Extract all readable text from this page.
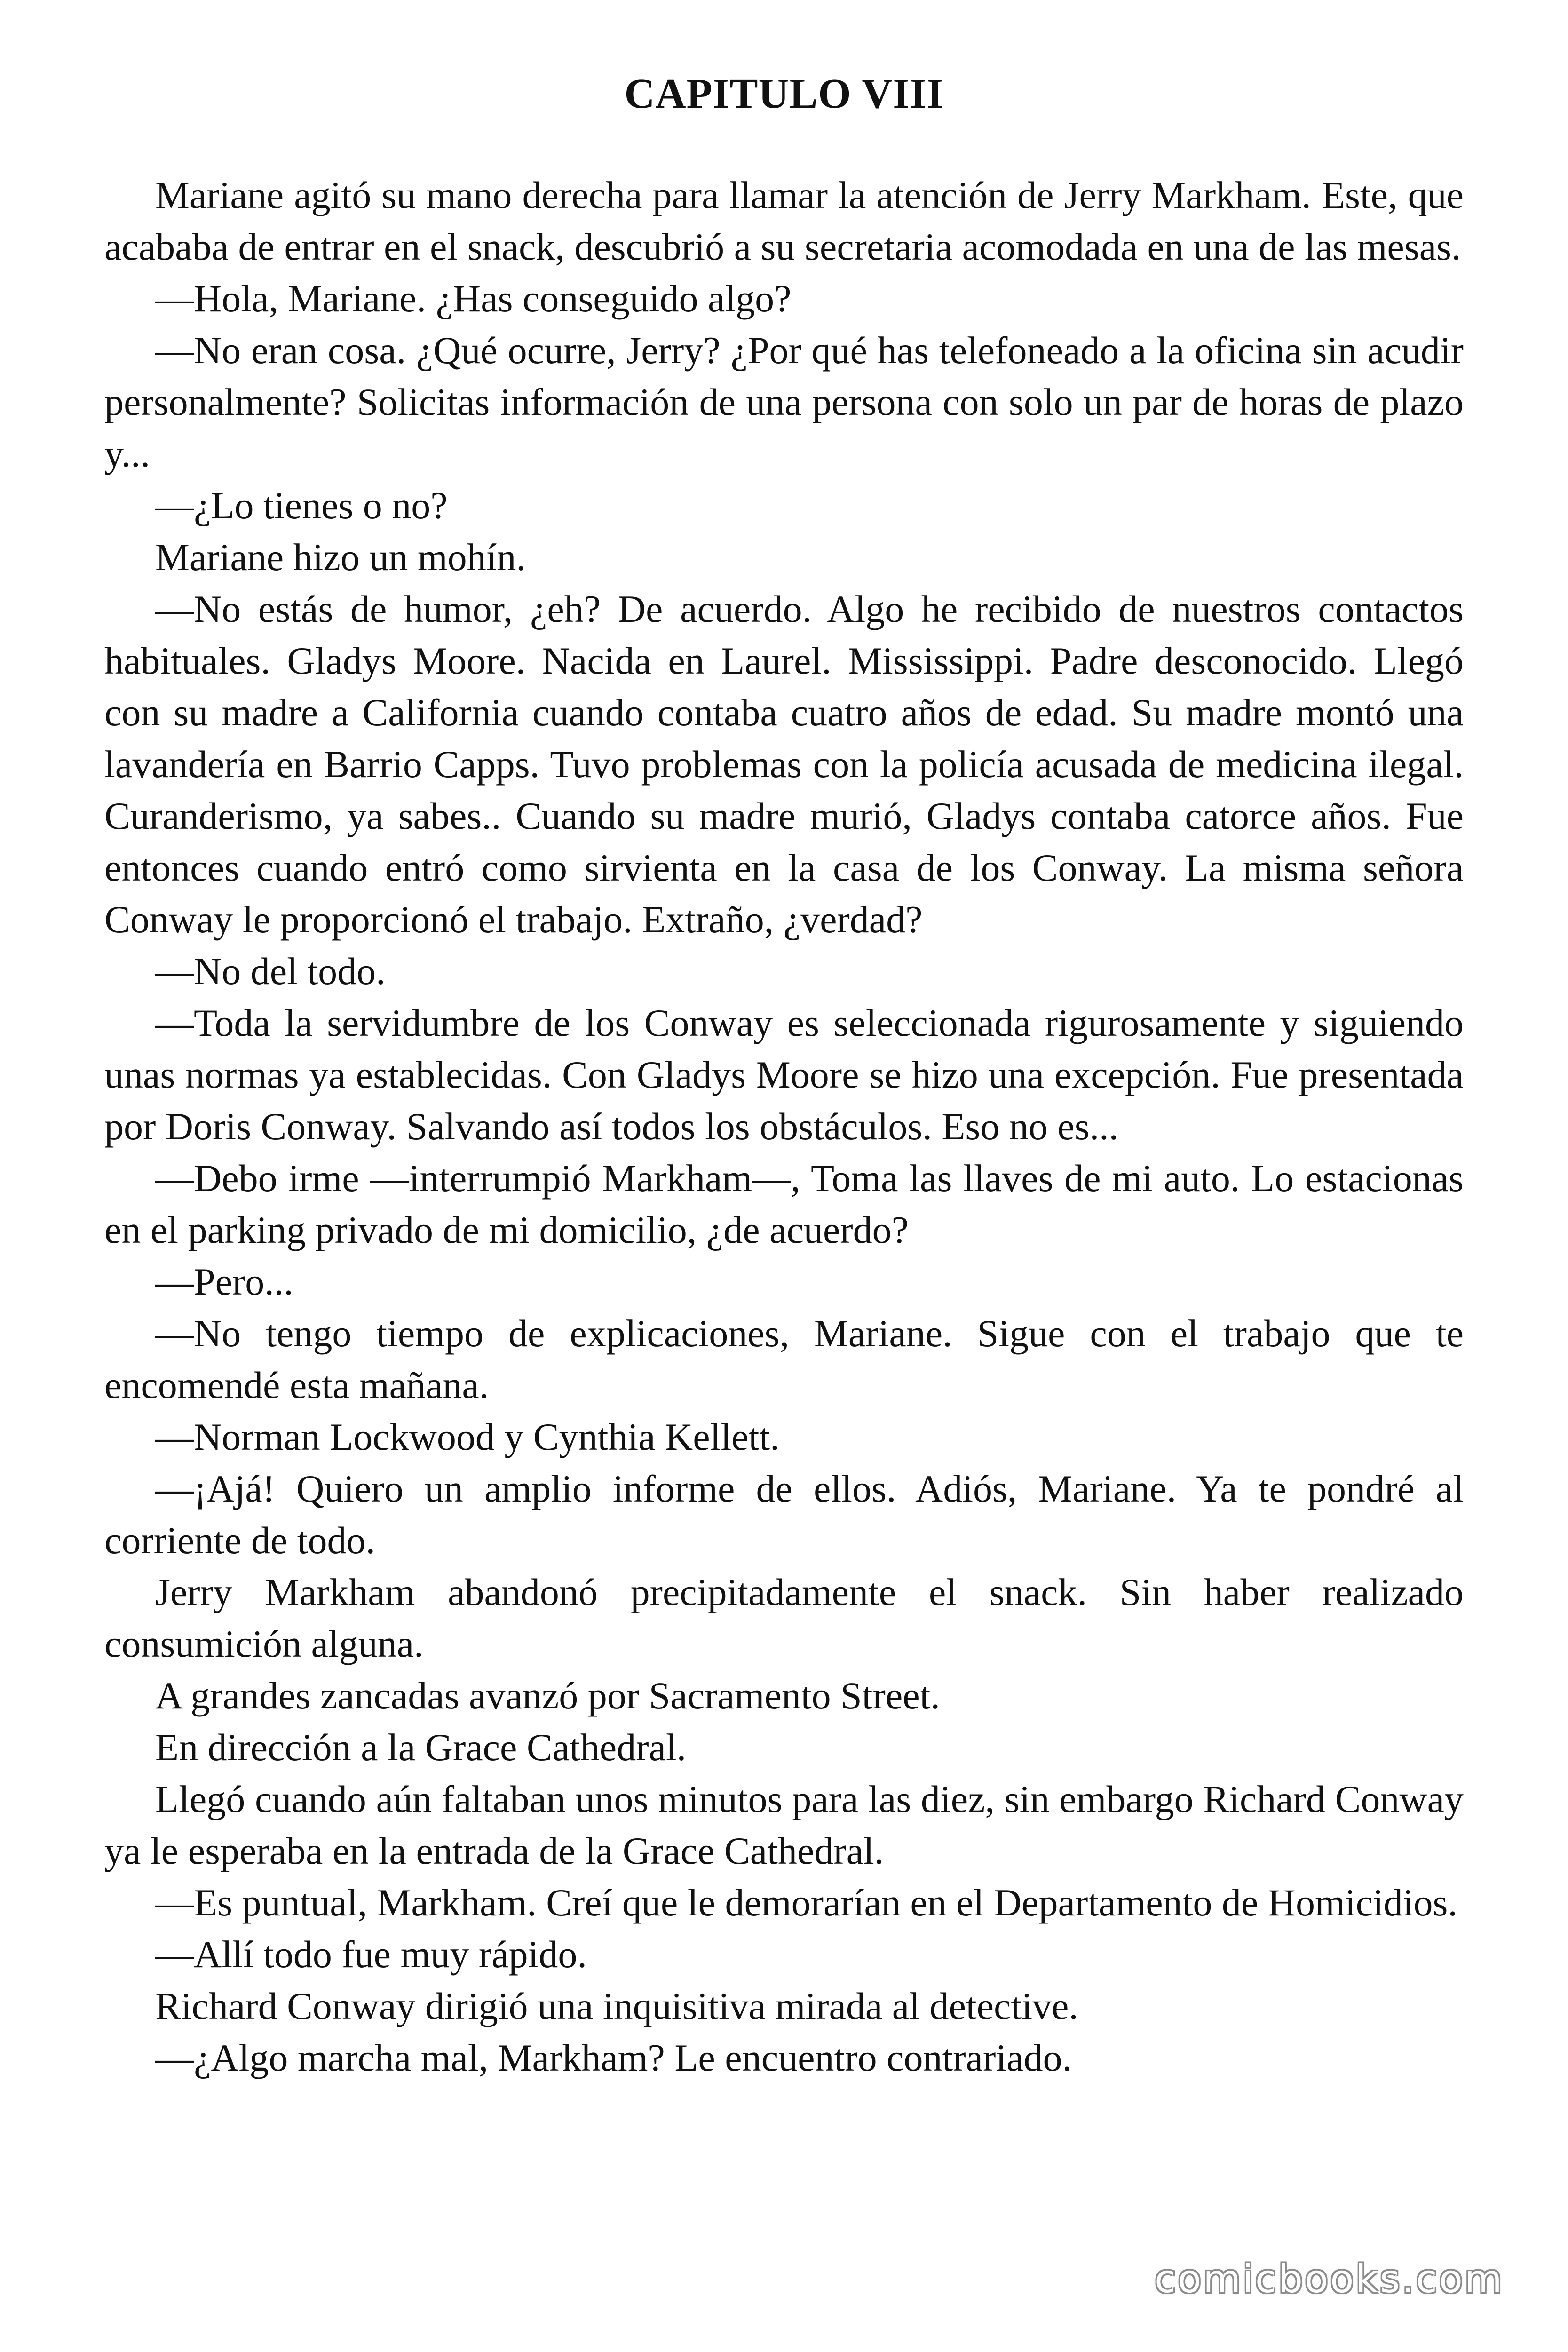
CAPITULO VIII

Mariane agitó su mano derecha para llamar la atención de Jerry Markham. Este, que acababa de entrar en el snack, descubrió a su secretaria acomodada en una de las mesas.

—Hola, Mariane. ¿Has conseguido algo?

—No eran cosa. ¿Qué ocurre, Jerry? ¿Por qué has telefoneado a la oficina sin acudir personalmente? Solicitas información de una persona con solo un par de horas de plazo y...

—¿Lo tienes o no?

Mariane hizo un mohín.

—No estás de humor, ¿eh? De acuerdo. Algo he recibido de nuestros contactos habituales. Gladys Moore. Nacida en Laurel. Mississippi. Padre desconocido. Llegó con su madre a California cuando contaba cuatro años de edad. Su madre montó una lavandería en Barrio Capps. Tuvo problemas con la policía acusada de medicina ilegal. Curanderismo, ya sabes.. Cuando su madre murió, Gladys contaba catorce años. Fue entonces cuando entró como sirvienta en la casa de los Conway. La misma señora Conway le proporcionó el trabajo. Extraño, ¿verdad?

—No del todo.

—Toda la servidumbre de los Conway es seleccionada rigurosamente y siguiendo unas normas ya establecidas. Con Gladys Moore se hizo una excepción. Fue presentada por Doris Conway. Salvando así todos los obstáculos. Eso no es...

—Debo irme —interrumpió Markham—, Toma las llaves de mi auto. Lo estacionas en el parking privado de mi domicilio, ¿de acuerdo?

—Pero...

—No tengo tiempo de explicaciones, Mariane. Sigue con el trabajo que te encomendé esta mañana.

—Norman Lockwood y Cynthia Kellett.

—¡Ajá! Quiero un amplio informe de ellos. Adiós, Mariane. Ya te pondré al corriente de todo.

Jerry Markham abandonó precipitadamente el snack. Sin haber realizado consumición alguna.

A grandes zancadas avanzó por Sacramento Street.

En dirección a la Grace Cathedral.

Llegó cuando aún faltaban unos minutos para las diez, sin embargo Richard Conway ya le esperaba en la entrada de la Grace Cathedral.

—Es puntual, Markham. Creí que le demorarían en el Departamento de Homicidios.

—Allí todo fue muy rápido.

Richard Conway dirigió una inquisitiva mirada al detective.

—¿Algo marcha mal, Markham? Le encuentro contrariado.

comicbooks.com
